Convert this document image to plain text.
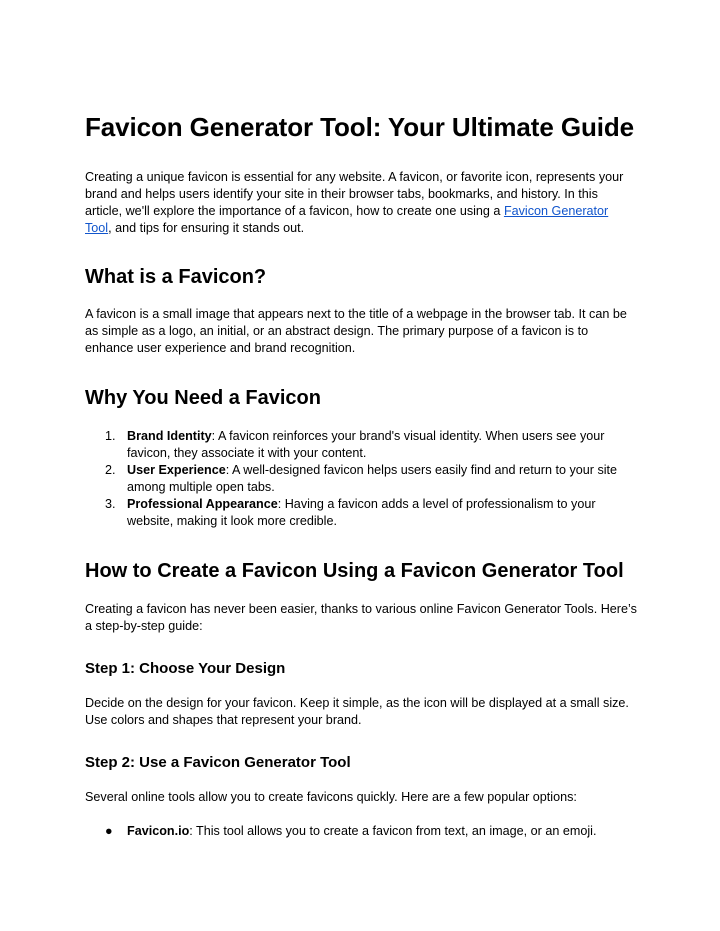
Favicon Generator Tool: Your Ultimate Guide

Creating a unique favicon is essential for any website. A favicon, or favorite icon, represents your brand and helps users identify your site in their browser tabs, bookmarks, and history. In this article, we'll explore the importance of a favicon, how to create one using a Favicon Generator Tool, and tips for ensuring it stands out.

What is a Favicon?

A favicon is a small image that appears next to the title of a webpage in the browser tab. It can be as simple as a logo, an initial, or an abstract design. The primary purpose of a favicon is to enhance user experience and brand recognition.

Why You Need a Favicon
1. Brand Identity: A favicon reinforces your brand's visual identity. When users see your favicon, they associate it with your content.
2. User Experience: A well-designed favicon helps users easily find and return to your site among multiple open tabs.
3. Professional Appearance: Having a favicon adds a level of professionalism to your website, making it look more credible.
How to Create a Favicon Using a Favicon Generator Tool

Creating a favicon has never been easier, thanks to various online Favicon Generator Tools. Here’s a step-by-step guide:

Step 1: Choose Your Design

Decide on the design for your favicon. Keep it simple, as the icon will be displayed at a small size. Use colors and shapes that represent your brand.

Step 2: Use a Favicon Generator Tool

Several online tools allow you to create favicons quickly. Here are a few popular options:

● Favicon.io: This tool allows you to create a favicon from text, an image, or an emoji.
